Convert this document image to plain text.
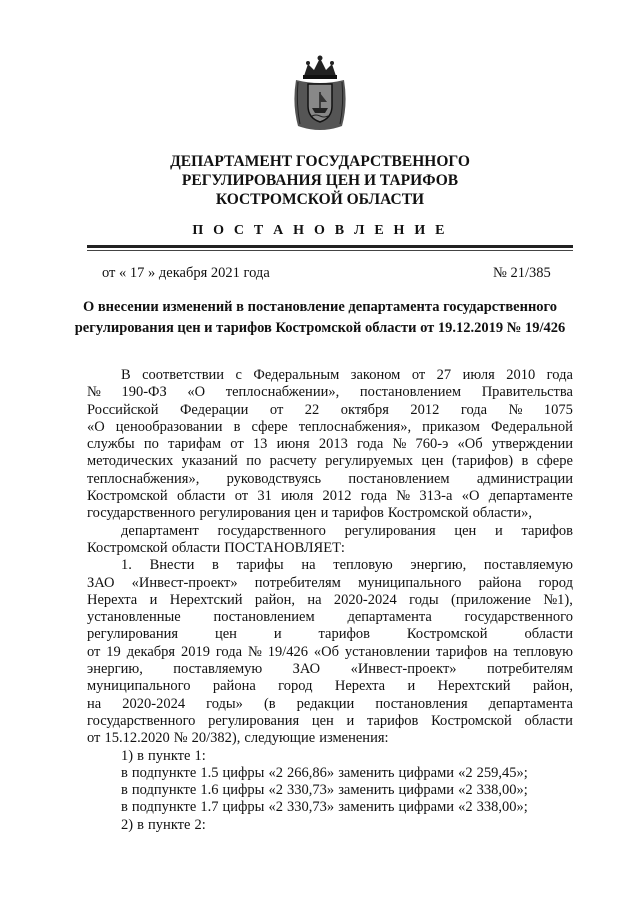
ДЕПАРТАМЕНТ ГОСУДАРСТВЕННОГО
РЕГУЛИРОВАНИЯ ЦЕН И ТАРИФОВ
КОСТРОМСКОЙ ОБЛАСТИ
П О С Т А Н О В Л Е Н И Е
от « 17 » декабря 2021 года	№ 21/385
О внесении изменений в постановление департамента государственного
регулирования цен и тарифов Костромской области от 19.12.2019 № 19/426
В соответствии с Федеральным законом от 27 июля 2010 года
№ 190-ФЗ «О теплоснабжении», постановлением Правительства
Российской Федерации от 22 октября 2012 года № 1075
«О ценообразовании в сфере теплоснабжения», приказом Федеральной
службы по тарифам от 13 июня 2013 года № 760-э «Об утверждении
методических указаний по расчету регулируемых цен (тарифов) в сфере
теплоснабжения», руководствуясь постановлением администрации
Костромской области от 31 июля 2012 года № 313-а «О департаменте
государственного регулирования цен и тарифов Костромской области»,
департамент государственного регулирования цен и тарифов
Костромской области ПОСТАНОВЛЯЕТ:
1. Внести в тарифы на тепловую энергию, поставляемую
ЗАО «Инвест-проект» потребителям муниципального района город
Нерехта и Нерехтский район, на 2020-2024 годы (приложение №1),
установленные постановлением департамента государственного
регулирования	цен	и	тарифов	Костромской	области
от 19 декабря 2019 года № 19/426 «Об установлении тарифов на тепловую
энергию, поставляемую ЗАО «Инвест-проект» потребителям
муниципального района город Нерехта и Нерехтский район,
на 2020-2024 годы» (в редакции постановления департамента
государственного регулирования цен и тарифов Костромской области
от 15.12.2020 № 20/382), следующие изменения:
1) в пункте 1:
в подпункте 1.5 цифры «2 266,86» заменить цифрами «2 259,45»;
в подпункте 1.6 цифры «2 330,73» заменить цифрами «2 338,00»;
в подпункте 1.7 цифры «2 330,73» заменить цифрами «2 338,00»;
2) в пункте 2:
